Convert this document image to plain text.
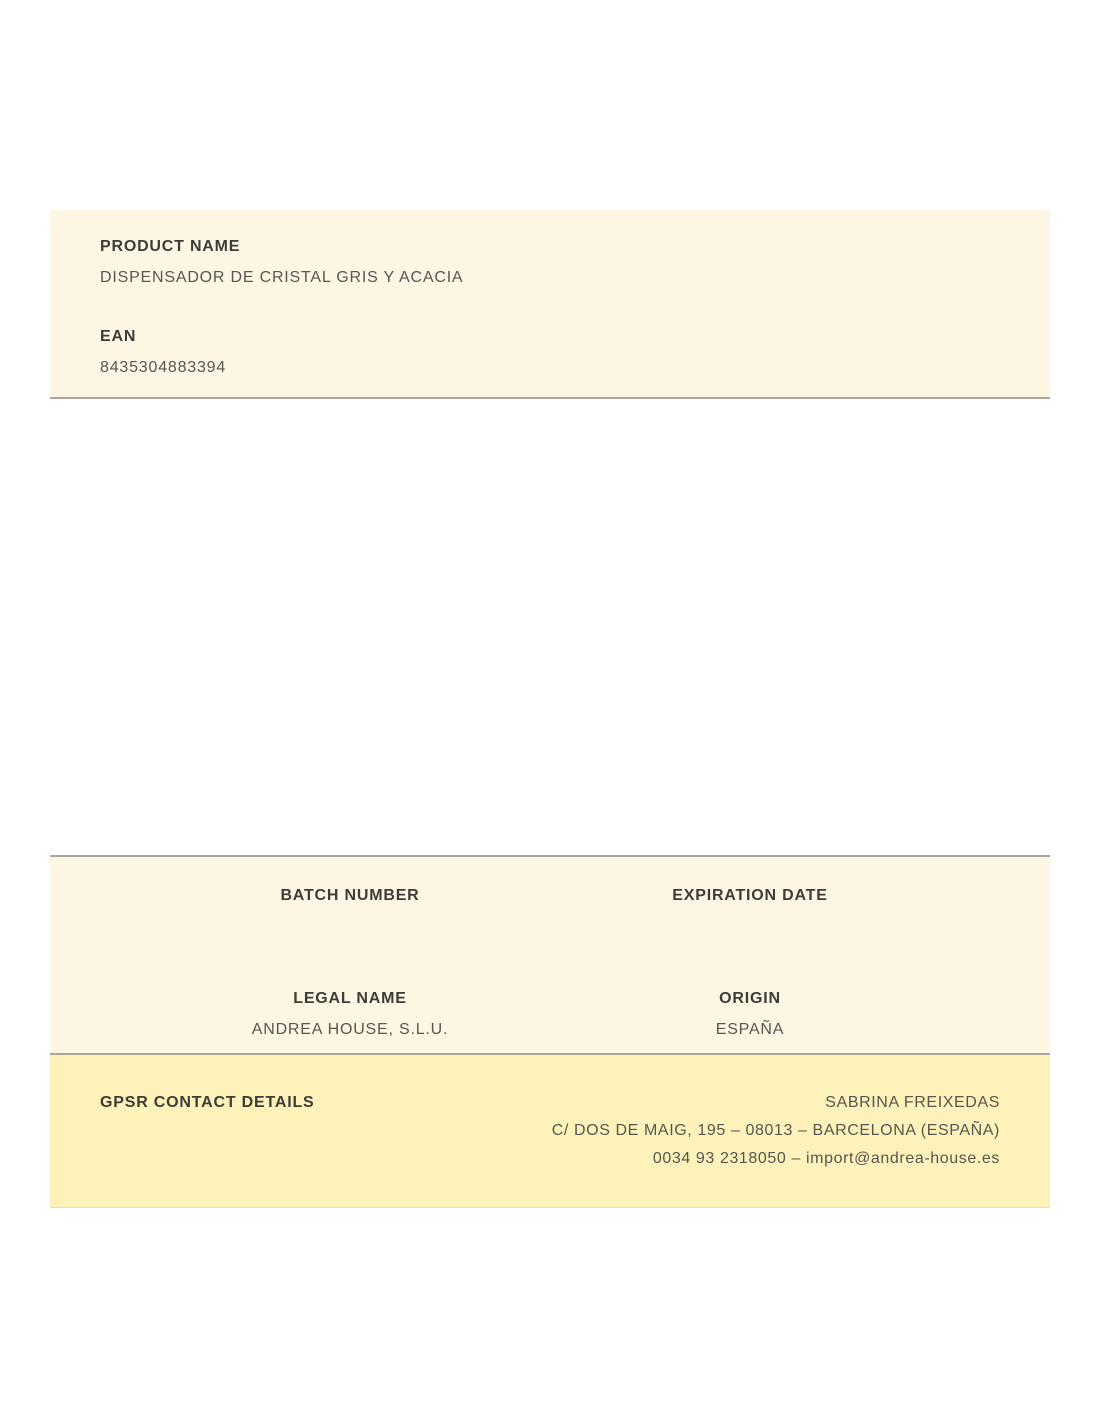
PRODUCT NAME

DISPENSADOR DE CRISTAL GRIS Y ACACIA

EAN

8435304883394

BATCH NUMBER	EXPIRATION DATE

LEGAL NAME

ANDREA HOUSE, S.L.U.

ORIGIN

ESPAÑA

GPSR CONTACT DETAILS	SABRINA FREIXEDAS

C/ DOS DE MAIG, 195 – 08013 – BARCELONA (ESPAÑA)

0034 93 2318050 – import@andrea-house.es
